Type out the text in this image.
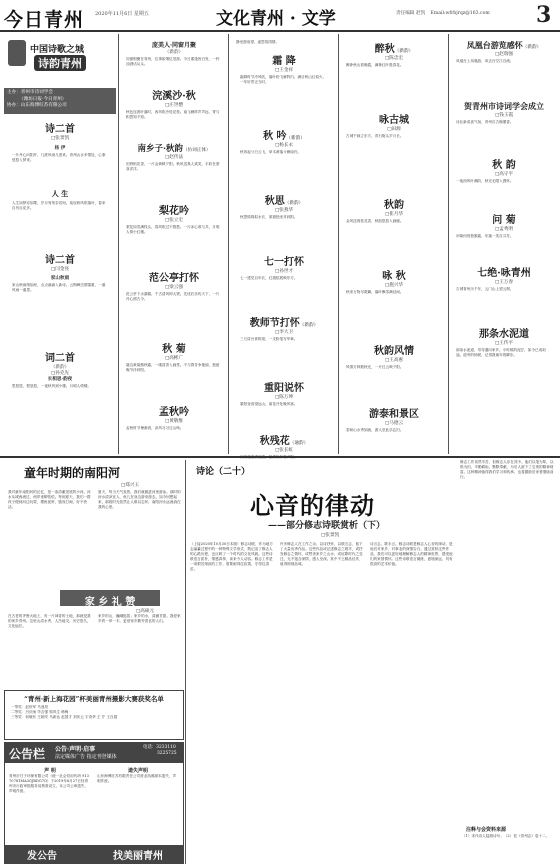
今日青州 2020年11月6日 星期五	文化青州 · 文学	责任编辑 赵凯 Email:wfrbjrqz@163.com 3
中国诗歌之城
诗韵青州
主办：青州市诗词学会
（潍坊日报·今日青州）
协办：山东海博旺苏有限公司
诗二首
□张景凯
杨 伊
一片丹心向阳开，几度风雨几度来。青州山水多情处，心事悠悠入梦来。
人 生
人生如梦亦如歌，岁月匆匆奈若何。莫叹秋风吹落叶，春来自有百花多。
诗二首
□闫金亮
家山秋雨
家山秋雨细如丝，点点滴滴入新诗。云锁峰峦烟霭重，一番风雨一番思。
词二首
（新韵）
□孙克先
长相思·韵夜
思悠悠，恨悠悠，一夜秋风到小楼。月明人倚楼。
庞美人·同窗月聚
（新韵）
同窗相聚在青州，往事如烟忆旧游。今日重逢皆白发，一杯浊酒话从头。
浣溪沙·秋
□庄世懋
秋色连波叶落时，西风吹冷桂花枝。南飞雁阵声声远，寄与相思知不知。
南乡子·秋韵（仿词正体）
□赵传法
田野稻花香，一片金黄映夕阳。秋风送爽人欢笑，丰收在望喜洋洋。
梨花吟
□张立宏
梨花如雪满枝头，春风吹过不胜愁。一片冰心谁与共，月明人倚小红楼。
范公亭打怀
□梁云强
范公亭下水潺潺，千古清风仰大贤。先忧后乐传天下，一片丹心照古今。
秋 菊
□高彬广
篱边黄菊傲秋霜，一缕清香入画堂。不与群芳争艳丽，独留晚节伴斜阳。
孟秋吟
□黄敬维
孟秋时节暑渐消，凉风习习过山坳。
静坐窗前望，遥思故园情。
霜 降
□王金祥
霜降时节冷风吹，落叶纷飞雁阵归。满目秋山红似火，一年好景正当时。
秋 吟（新韵）
□杨长永
秋风起兮白云飞，草木黄落兮雁南归。
秋思（新韵）
□张燕华
秋思绵绵似水长，寒窗独坐对斜阳。
七一打怀
□孙世才
七一建党百年长，红旗招展映东方。
教师节打怀（新韵）
□李大卫
三尺讲台育栋梁，一支粉笔写华章。
重阳说怀
□陈万坤
重阳登高望远山，菊花开处晚风寒。
秋残花（通韵）
□张长虹
醉秋（新韵）
□陈忠宏
醉卧秋山看晚霞，满林红叶胜春花。
咏古城
□田源
古城千载立东方，青石街头岁月长。
秋韵
□崔月华
金风送爽桂花香，秋韵悠悠入画廊。
咏 秋
□施兴华
秋来万物尽斑斓，落叶飘零满径间。
秋韵风情
□王高惠
风情万种数秋光，一片红云映夕阳。
游泰和景区
□马德云
泰和山水秀如画，游人至此乐忘归。
凤凰台游览感怀（新韵）
□赵瑞强
凤凰台上凤凰游，凤去台空江自流。
贺青州市诗词学会成立
□钱玉霞
诗社新成喜气扬，青州自古翰墨香。
秋 韵
□高守平
一夜西风叶满阶，秋光无限入襟怀。
问 菊
□孟秀明
问菊何因独傲霜，东篱一笑自芬芳。
七绝·咏青州
□王万春
古城青州历千年，云门山上望云烟。
那条水泥道
□王传平
那条水泥道，弯弯通向家乡。小时候的泥泞，如今已成坦途。道旁的杨树，记得我童年的脚步。
童年时期的南阳河
□郑兴玉
我对童年南阳河的记忆，是一条清澈见底的小河。河水从城西流过，两岸垂柳依依。每到夏天，我们一群孩子便到河边玩耍，摸鱼捉虾，嬉戏打闹，好不快活。
夏天，每当天气炎热，我们就跳进河里游泳。那时的河水清凉宜人，鱼儿在身边游来游去。如今回想起来，那段时光依然让人难以忘怀，南阳河永远流淌在我的心里。
家 乡 礼 赞
□高硕元
在古老的齐鲁大地上，有一片神奇的土地，那就是我的家乡青州。这里山清水秀，人杰地灵，历史悠久，文化灿烂。
家乡的山，巍峨挺拔；家乡的水，清澈甘甜。我爱家乡的一草一木，更爱家乡勤劳善良的人们。
“青州·新上海花园”杯美丽青州摄影大赛获奖名单
一等奖：赵世军 马逸昊
二等奖：吕庆雨 毕吉强 郭风生 韩梅
三等奖：何晓东 王朝安 马新达 赵国才 刘庆云 宇奇华 王 芹 王自超
公告栏 公告·声明·启事
法定媒体广告 指定刊登媒体
电话：3233110
3225725
声 明
青州市甘子环保有限公司（统一社会信用代码 91370781MA3GJBDG7Q）于2019年8月27日经青州市行政审批服务局核准设立，本公司公章遗失，声明作废。
遗失声明
山东海博旺苏有限责任公司营业执照副本遗失，声明作废。
发公告	找美丽青州
诗论（二十）
心音的律动
——部分修志诗联赏析（下）
□张景凯
（上接2020年10月30日本版）修志诗联，作为地方志编纂过程中的一种特殊文学形式，既记录了修志人的心路历程，也反映了一个时代的文化风貌。这些诗联语言质朴，情感真挚，读来令人动容。修志工作是一项艰苦细致的工作，需要耐得住寂寞，守得住清贫。
许多修志人在工作之余，以诗抒怀，以联言志，留下了大量优秀作品。这些作品或记述修志之艰辛，或抒发修志之情怀，或赞美家乡之山水，或讴歌时代之变迁，无不饱含深情，感人至深。其中不乏精品佳作，值得细细品味。
诗言志，歌永言。修志诗联是修志人心音的律动，是他们对家乡、对事业的深情告白。通过赏析这些作品，我们可以更好地理解修志人的精神世界，感受他们的家国情怀。这些诗联语言凝练，意境深远，具有很高的艺术价值。
修志工作虽然辛苦，但修志人乐在其中。他们以笔为犁，以纸为田，辛勤耕耘，默默奉献，为后人留下了宝贵的精神财富。这种精神值得我们学习和传承，也将激励后来者继续前行。
注释与会资料来源
（1）宋代诗人陆游诗句；（2）见《青州志》卷十二。
